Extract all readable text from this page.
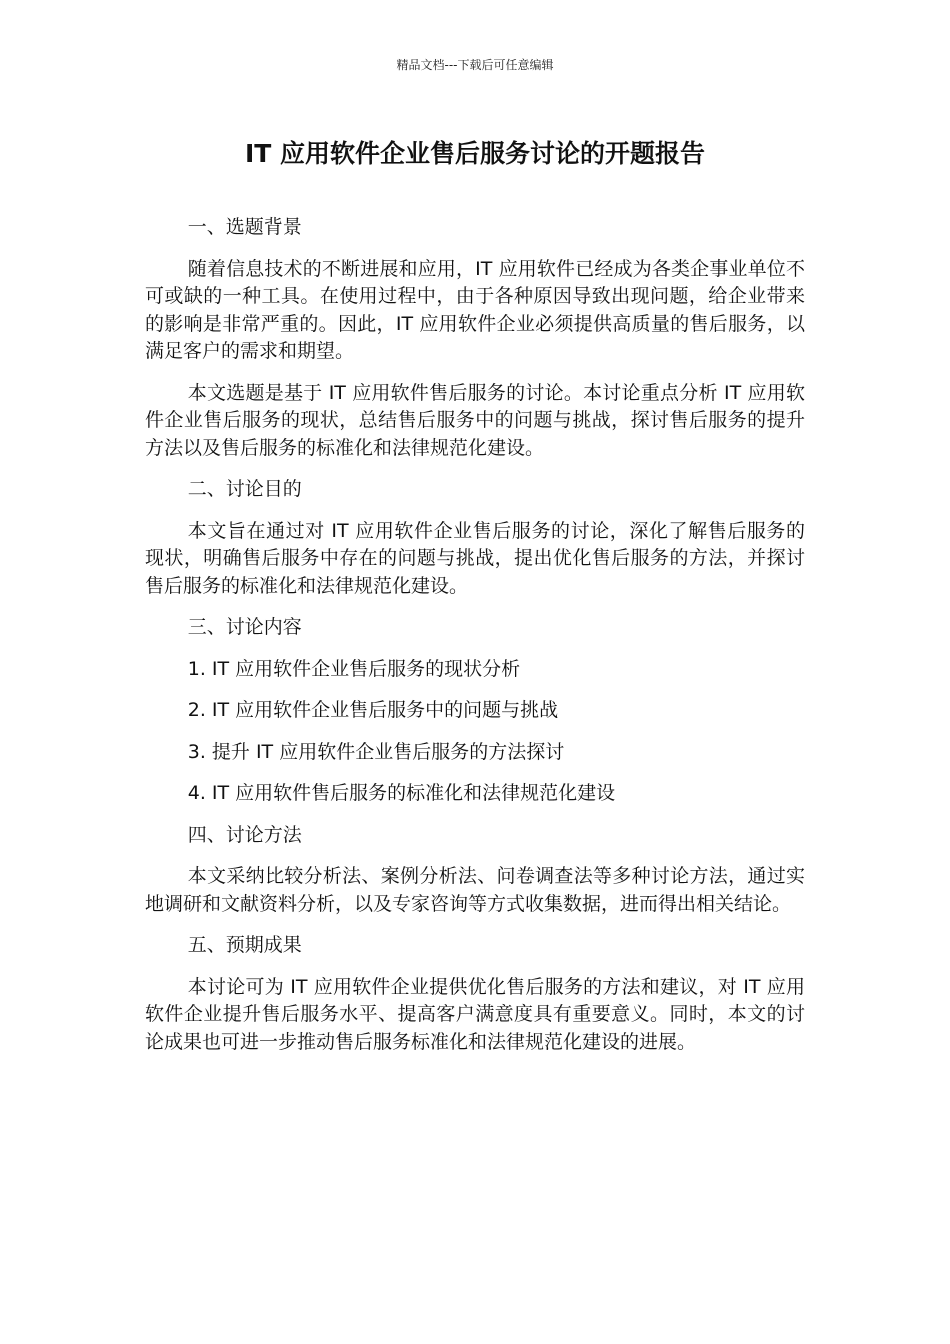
精品文档---下载后可任意编辑
IT 应用软件企业售后服务讨论的开题报告

一、选题背景

随着信息技术的不断进展和应用，IT 应用软件已经成为各类企事业单位不可或缺的一种工具。在使用过程中，由于各种原因导致出现问题，给企业带来的影响是非常严重的。因此，IT 应用软件企业必须提供高质量的售后服务，以满足客户的需求和期望。

本文选题是基于 IT 应用软件售后服务的讨论。本讨论重点分析 IT 应用软件企业售后服务的现状，总结售后服务中的问题与挑战，探讨售后服务的提升方法以及售后服务的标准化和法律规范化建设。

二、讨论目的

本文旨在通过对 IT 应用软件企业售后服务的讨论，深化了解售后服务的现状，明确售后服务中存在的问题与挑战，提出优化售后服务的方法，并探讨售后服务的标准化和法律规范化建设。

三、讨论内容

1. IT 应用软件企业售后服务的现状分析

2. IT 应用软件企业售后服务中的问题与挑战

3. 提升 IT 应用软件企业售后服务的方法探讨

4. IT 应用软件售后服务的标准化和法律规范化建设

四、讨论方法

本文采纳比较分析法、案例分析法、问卷调查法等多种讨论方法，通过实地调研和文献资料分析，以及专家咨询等方式收集数据，进而得出相关结论。

五、预期成果

本讨论可为 IT 应用软件企业提供优化售后服务的方法和建议，对 IT 应用软件企业提升售后服务水平、提高客户满意度具有重要意义。同时，本文的讨论成果也可进一步推动售后服务标准化和法律规范化建设的进展。
